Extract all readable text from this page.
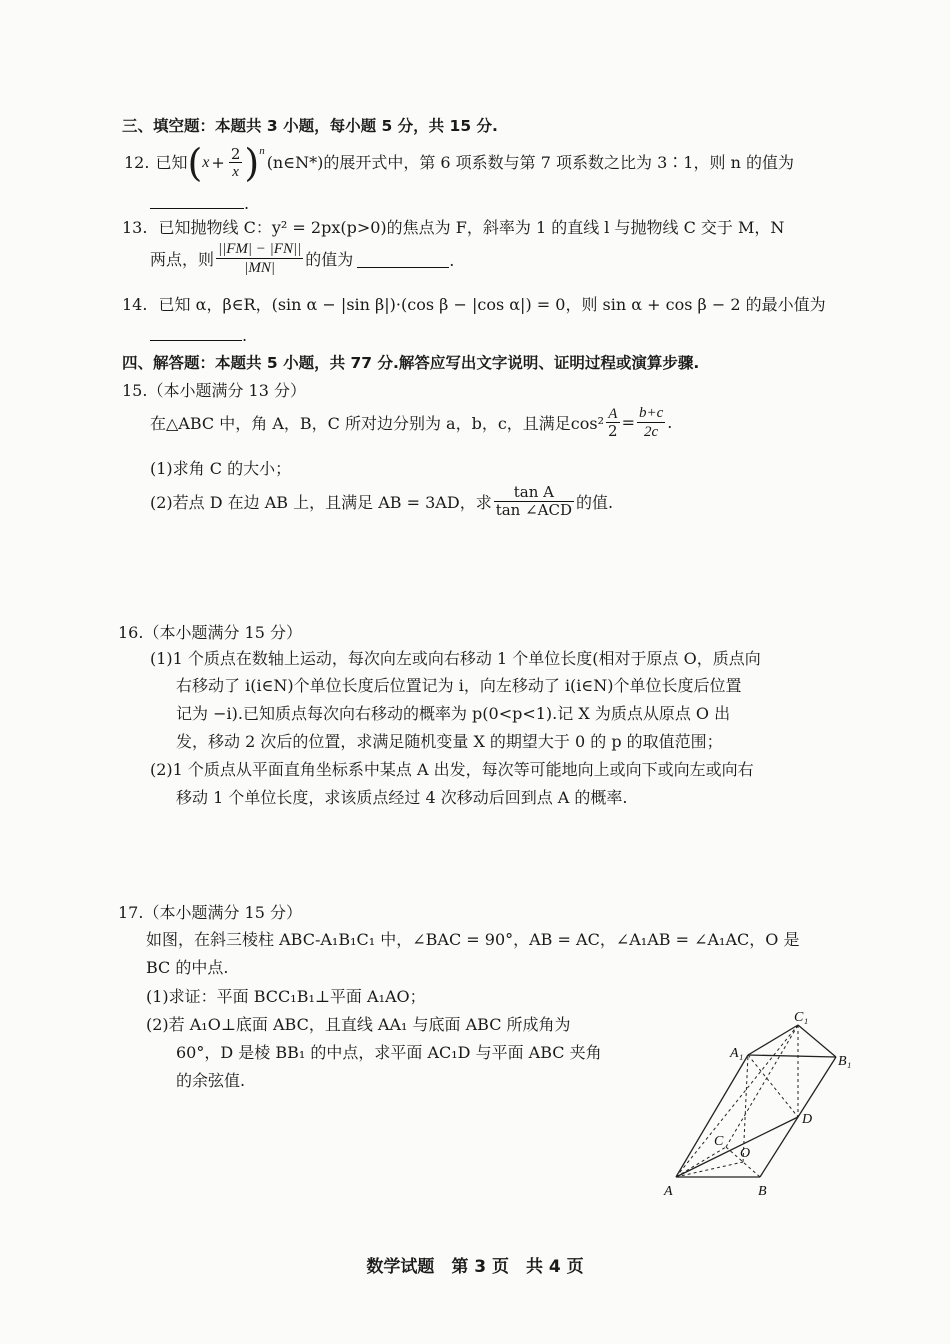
三、填空题：本题共 3 小题，每小题 5 分，共 15 分.
12. 已知 ( $x + \frac{2}{x}$ ) $^n$
(n∈N*) 的展开式中，第 6 项系数与第 7 项系数之比为 3∶1，则 n 的值为
.
13. 已知抛物线 C：y² = 2px(p>0)的焦点为 F，斜率为 1 的直线 l 与抛物线 C 交于 M，N
两点，则 $\frac{||FM| - |FN||}{|MN|}$ 的值为	.
14. 已知 α，β∈R，(sin α − |sin β|)·(cos β − |cos α|) = 0，则 sin α + cos β − 2 的最小值为
.
四、解答题：本题共 5 小题，共 77 分.解答应写出文字说明、证明过程或演算步骤.
15.（本小题满分 13 分）
在△ABC 中，角 A，B，C 所对边分别为 a，b，c，且满足$\cos^2 \frac{A}{2} = \frac{b+c}{2c}$ .
(1)求角 C 的大小；
(2)若点 D 在边 AB 上，且满足 AB = 3AD，求 $\frac{\text{tan A}}{\text{tan ∠ACD}}$ 的值.
16.（本小题满分 15 分）
(1)1 个质点在数轴上运动，每次向左或向右移动 1 个单位长度(相对于原点 O，质点向
右移动了 i(i∈N)个单位长度后位置记为 i，向左移动了 i(i∈N)个单位长度后位置
记为 −i).已知质点每次向右移动的概率为 p(0<p<1).记 X 为质点从原点 O 出
发，移动 2 次后的位置，求满足随机变量 X 的期望大于 0 的 p 的取值范围；
(2)1 个质点从平面直角坐标系中某点 A 出发，每次等可能地向上或向下或向左或向右
移动 1 个单位长度，求该质点经过 4 次移动后回到点 A 的概率.
17.（本小题满分 15 分）
如图，在斜三棱柱 ABC-A₁B₁C₁ 中，∠BAC = 90°，AB = AC，∠A₁AB = ∠A₁AC，O 是
BC 的中点.
(1)求证：平面 BCC₁B₁⊥平面 A₁AO；
(2)若 A₁O⊥底面 ABC，且直线 AA₁ 与底面 ABC 所成角为
60°，D 是棱 BB₁ 的中点，求平面 AC₁D 与平面 ABC 夹角
的余弦值.
A	B
C
O
D
A₁
B₁
C₁
数学试题　第 3 页　共 4 页
